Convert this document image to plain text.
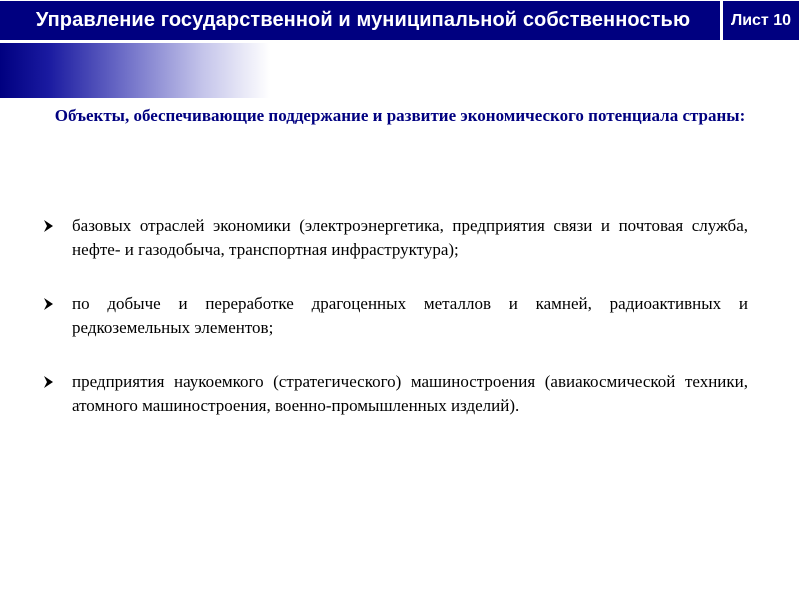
Управление государственной и муниципальной собственностью	Лист 10
Объекты, обеспечивающие поддержание и развитие экономического потенциала страны:
базовых отраслей экономики (электроэнергетика, предприятия связи и почтовая служба, нефте- и газодобыча, транспортная инфраструктура);
по добыче и переработке драгоценных металлов и камней, радиоактивных и редкоземельных элементов;
предприятия наукоемкого (стратегического) машиностроения (авиакосмической техники, атомного машиностроения, военно-промышленных изделий).
